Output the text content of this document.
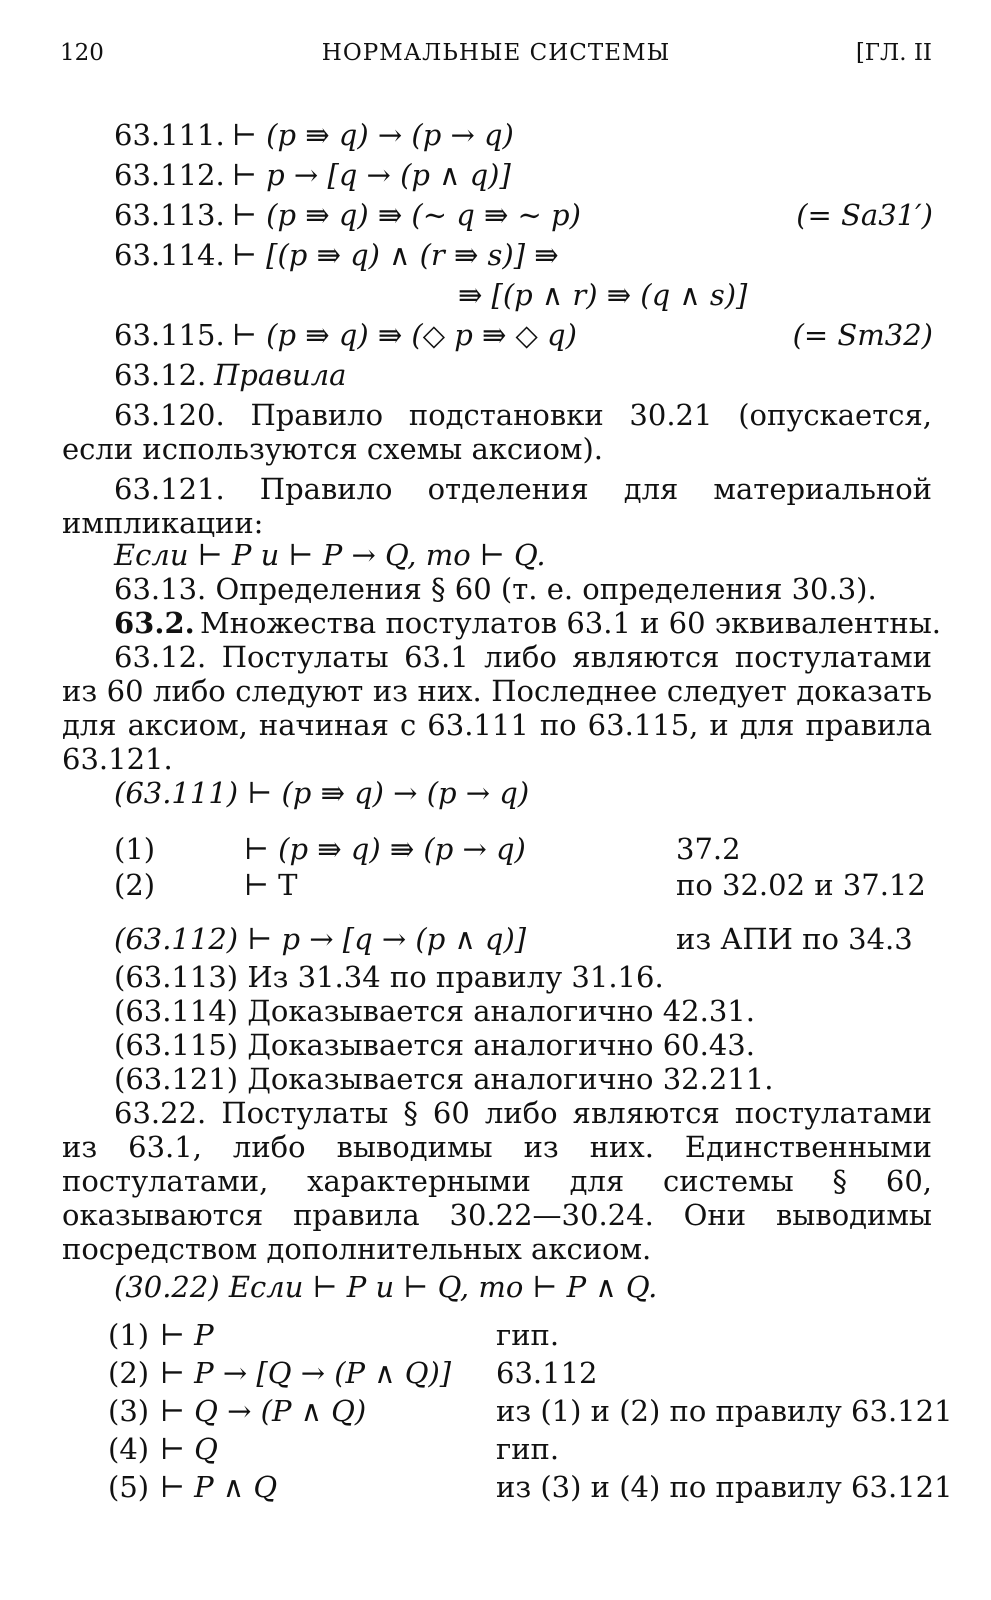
120	НОРМАЛЬНЫЕ СИСТЕМЫ	[ГЛ. II
63.111. ⊢ (p ⇛ q) → (p → q)
63.112. ⊢ p → [q → (p ∧ q)]
63.113. ⊢ (p ⇛ q) ⇛ (∼ q ⇛ ∼ p)	(= Sa31′)
63.114. ⊢ [(p ⇛ q) ∧ (r ⇛ s)] ⇛
⇛ [(p ∧ r) ⇛ (q ∧ s)]
63.115. ⊢ (p ⇛ q) ⇛ (◇ p ⇛ ◇ q)	(= Sm32)
63.12. Правила
63.120. Правило подстановки 30.21 (опускается, если используются схемы аксиом).
63.121. Правило отделения для материальной импликации:
Если ⊢ P и ⊢ P → Q, то ⊢ Q.
63.13. Определения § 60 (т. е. определения 30.3).
63.2. Множества постулатов 63.1 и 60 эквивалентны.
63.12. Постулаты 63.1 либо являются постулатами из 60 либо следуют из них. Последнее следует доказать для аксиом, начиная с 63.111 по 63.115, и для правила 63.121.
(63.111) ⊢ (p ⇛ q) → (p → q)
(1)	⊢ (p ⇛ q) ⇛ (p → q)	37.2
(2)	⊢ T	по 32.02 и 37.12
(63.112) ⊢ p → [q → (p ∧ q)]	из АПИ по 34.3
(63.113) Из 31.34 по правилу 31.16.
(63.114) Доказывается аналогично 42.31.
(63.115) Доказывается аналогично 60.43.
(63.121) Доказывается аналогично 32.211.
63.22. Постулаты § 60 либо являются постулатами из 63.1, либо выводимы из них. Единственными постулатами, характерными для системы § 60, оказываются правила 30.22—30.24. Они выводимы посредством дополнительных аксиом.
(30.22) Если ⊢ P и ⊢ Q, то ⊢ P ∧ Q.
(1) ⊢ P	гип.
(2) ⊢ P → [Q → (P ∧ Q)] 63.112
(3) ⊢ Q → (P ∧ Q)	из (1) и (2) по правилу 63.121
(4) ⊢ Q	гип.
(5) ⊢ P ∧ Q	из (3) и (4) по правилу 63.121
